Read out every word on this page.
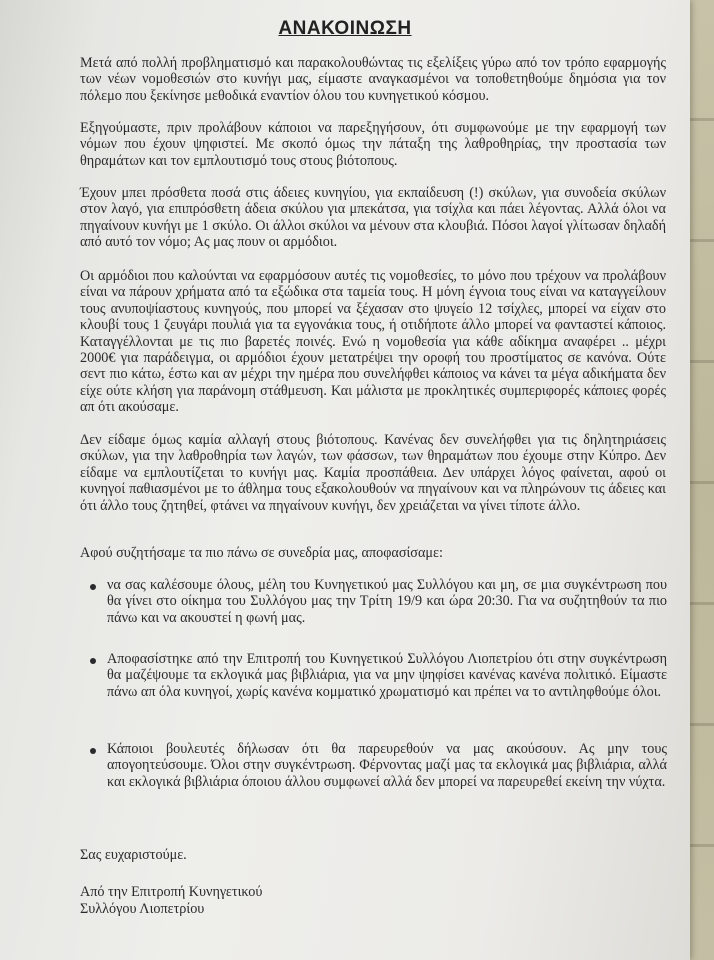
ΑΝΑΚΟΙΝΩΣΗ

Μετά από πολλή προβληματισμό και παρακολουθώντας τις εξελίξεις γύρω από τον τρόπο εφαρμογής των νέων νομοθεσιών στο κυνήγι μας, είμαστε αναγκασμένοι να τοποθετηθούμε δημόσια για τον πόλεμο που ξεκίνησε μεθοδικά εναντίον όλου του κυνηγετικού κόσμου.

Εξηγούμαστε, πριν προλάβουν κάποιοι να παρεξηγήσουν, ότι συμφωνούμε με την εφαρμογή των νόμων που έχουν ψηφιστεί. Με σκοπό όμως την πάταξη της λαθροθηρίας, την προστασία των θηραμάτων και τον εμπλουτισμό τους στους βιότοπους.

Έχουν μπει πρόσθετα ποσά στις άδειες κυνηγίου, για εκπαίδευση (!) σκύλων, για συνοδεία σκύλων στον λαγό, για επιπρόσθετη άδεια σκύλου για μπεκάτσα, για τσίχλα και πάει λέγοντας. Αλλά όλοι να πηγαίνουν κυνήγι με 1 σκύλο. Οι άλλοι σκύλοι να μένουν στα κλουβιά. Πόσοι λαγοί γλίτωσαν δηλαδή από αυτό τον νόμο; Ας μας πουν οι αρμόδιοι.

Οι αρμόδιοι που καλούνται να εφαρμόσουν αυτές τις νομοθεσίες, το μόνο που τρέχουν να προλάβουν είναι να πάρουν χρήματα από τα εξώδικα στα ταμεία τους. Η μόνη έγνοια τους είναι να καταγγείλουν τους ανυποψίαστους κυνηγούς, που μπορεί να ξέχασαν στο ψυγείο 12 τσίχλες, μπορεί να είχαν στο κλουβί τους 1 ζευγάρι πουλιά για τα εγγονάκια τους, ή οτιδήποτε άλλο μπορεί να φανταστεί κάποιος. Καταγγέλλονται με τις πιο βαρετές ποινές. Ενώ η νομοθεσία για κάθε αδίκημα αναφέρει .. μέχρι 2000€ για παράδειγμα, οι αρμόδιοι έχουν μετατρέψει την οροφή του προστίματος σε κανόνα. Ούτε σεντ πιο κάτω, έστω και αν μέχρι την ημέρα που συνελήφθει κάποιος να κάνει τα μέγα αδικήματα δεν είχε ούτε κλήση για παράνομη στάθμευση. Και μάλιστα με προκλητικές συμπεριφορές κάποιες φορές απ ότι ακούσαμε.

Δεν είδαμε όμως καμία αλλαγή στους βιότοπους. Κανένας δεν συνελήφθει για τις δηλητηριάσεις σκύλων, για την λαθροθηρία των λαγών, των φάσσων, των θηραμάτων που έχουμε στην Κύπρο. Δεν είδαμε να εμπλουτίζεται το κυνήγι μας. Καμία προσπάθεια. Δεν υπάρχει λόγος φαίνεται, αφού οι κυνηγοί παθιασμένοι με το άθλημα τους εξακολουθούν να πηγαίνουν και να πληρώνουν τις άδειες και ότι άλλο τους ζητηθεί, φτάνει να πηγαίνουν κυνήγι, δεν χρειάζεται να γίνει τίποτε άλλο.

Αφού συζητήσαμε τα πιο πάνω σε συνεδρία μας, αποφασίσαμε:

να σας καλέσουμε όλους, μέλη του Κυνηγετικού μας Συλλόγου και μη, σε μια συγκέντρωση που θα γίνει στο οίκημα του Συλλόγου μας την Τρίτη 19/9 και ώρα 20:30. Για να συζητηθούν τα πιο πάνω και να ακουστεί η φωνή μας.

Αποφασίστηκε από την Επιτροπή του Κυνηγετικού Συλλόγου Λιοπετρίου ότι στην συγκέντρωση θα μαζέψουμε τα εκλογικά μας βιβλιάρια, για να μην ψηφίσει κανένας κανένα πολιτικό. Είμαστε πάνω απ όλα κυνηγοί, χωρίς κανένα κομματικό χρωματισμό και πρέπει να το αντιληφθούμε όλοι.

Κάποιοι βουλευτές δήλωσαν ότι θα παρευρεθούν να μας ακούσουν. Ας μην τους απογοητεύσουμε. Όλοι στην συγκέντρωση. Φέρνοντας μαζί μας τα εκλογικά μας βιβλιάρια, αλλά και εκλογικά βιβλιάρια όποιου άλλου συμφωνεί αλλά δεν μπορεί να παρευρεθεί εκείνη την νύχτα.

Σας ευχαριστούμε.

Από την Επιτροπή Κυνηγετικού

Συλλόγου Λιοπετρίου
